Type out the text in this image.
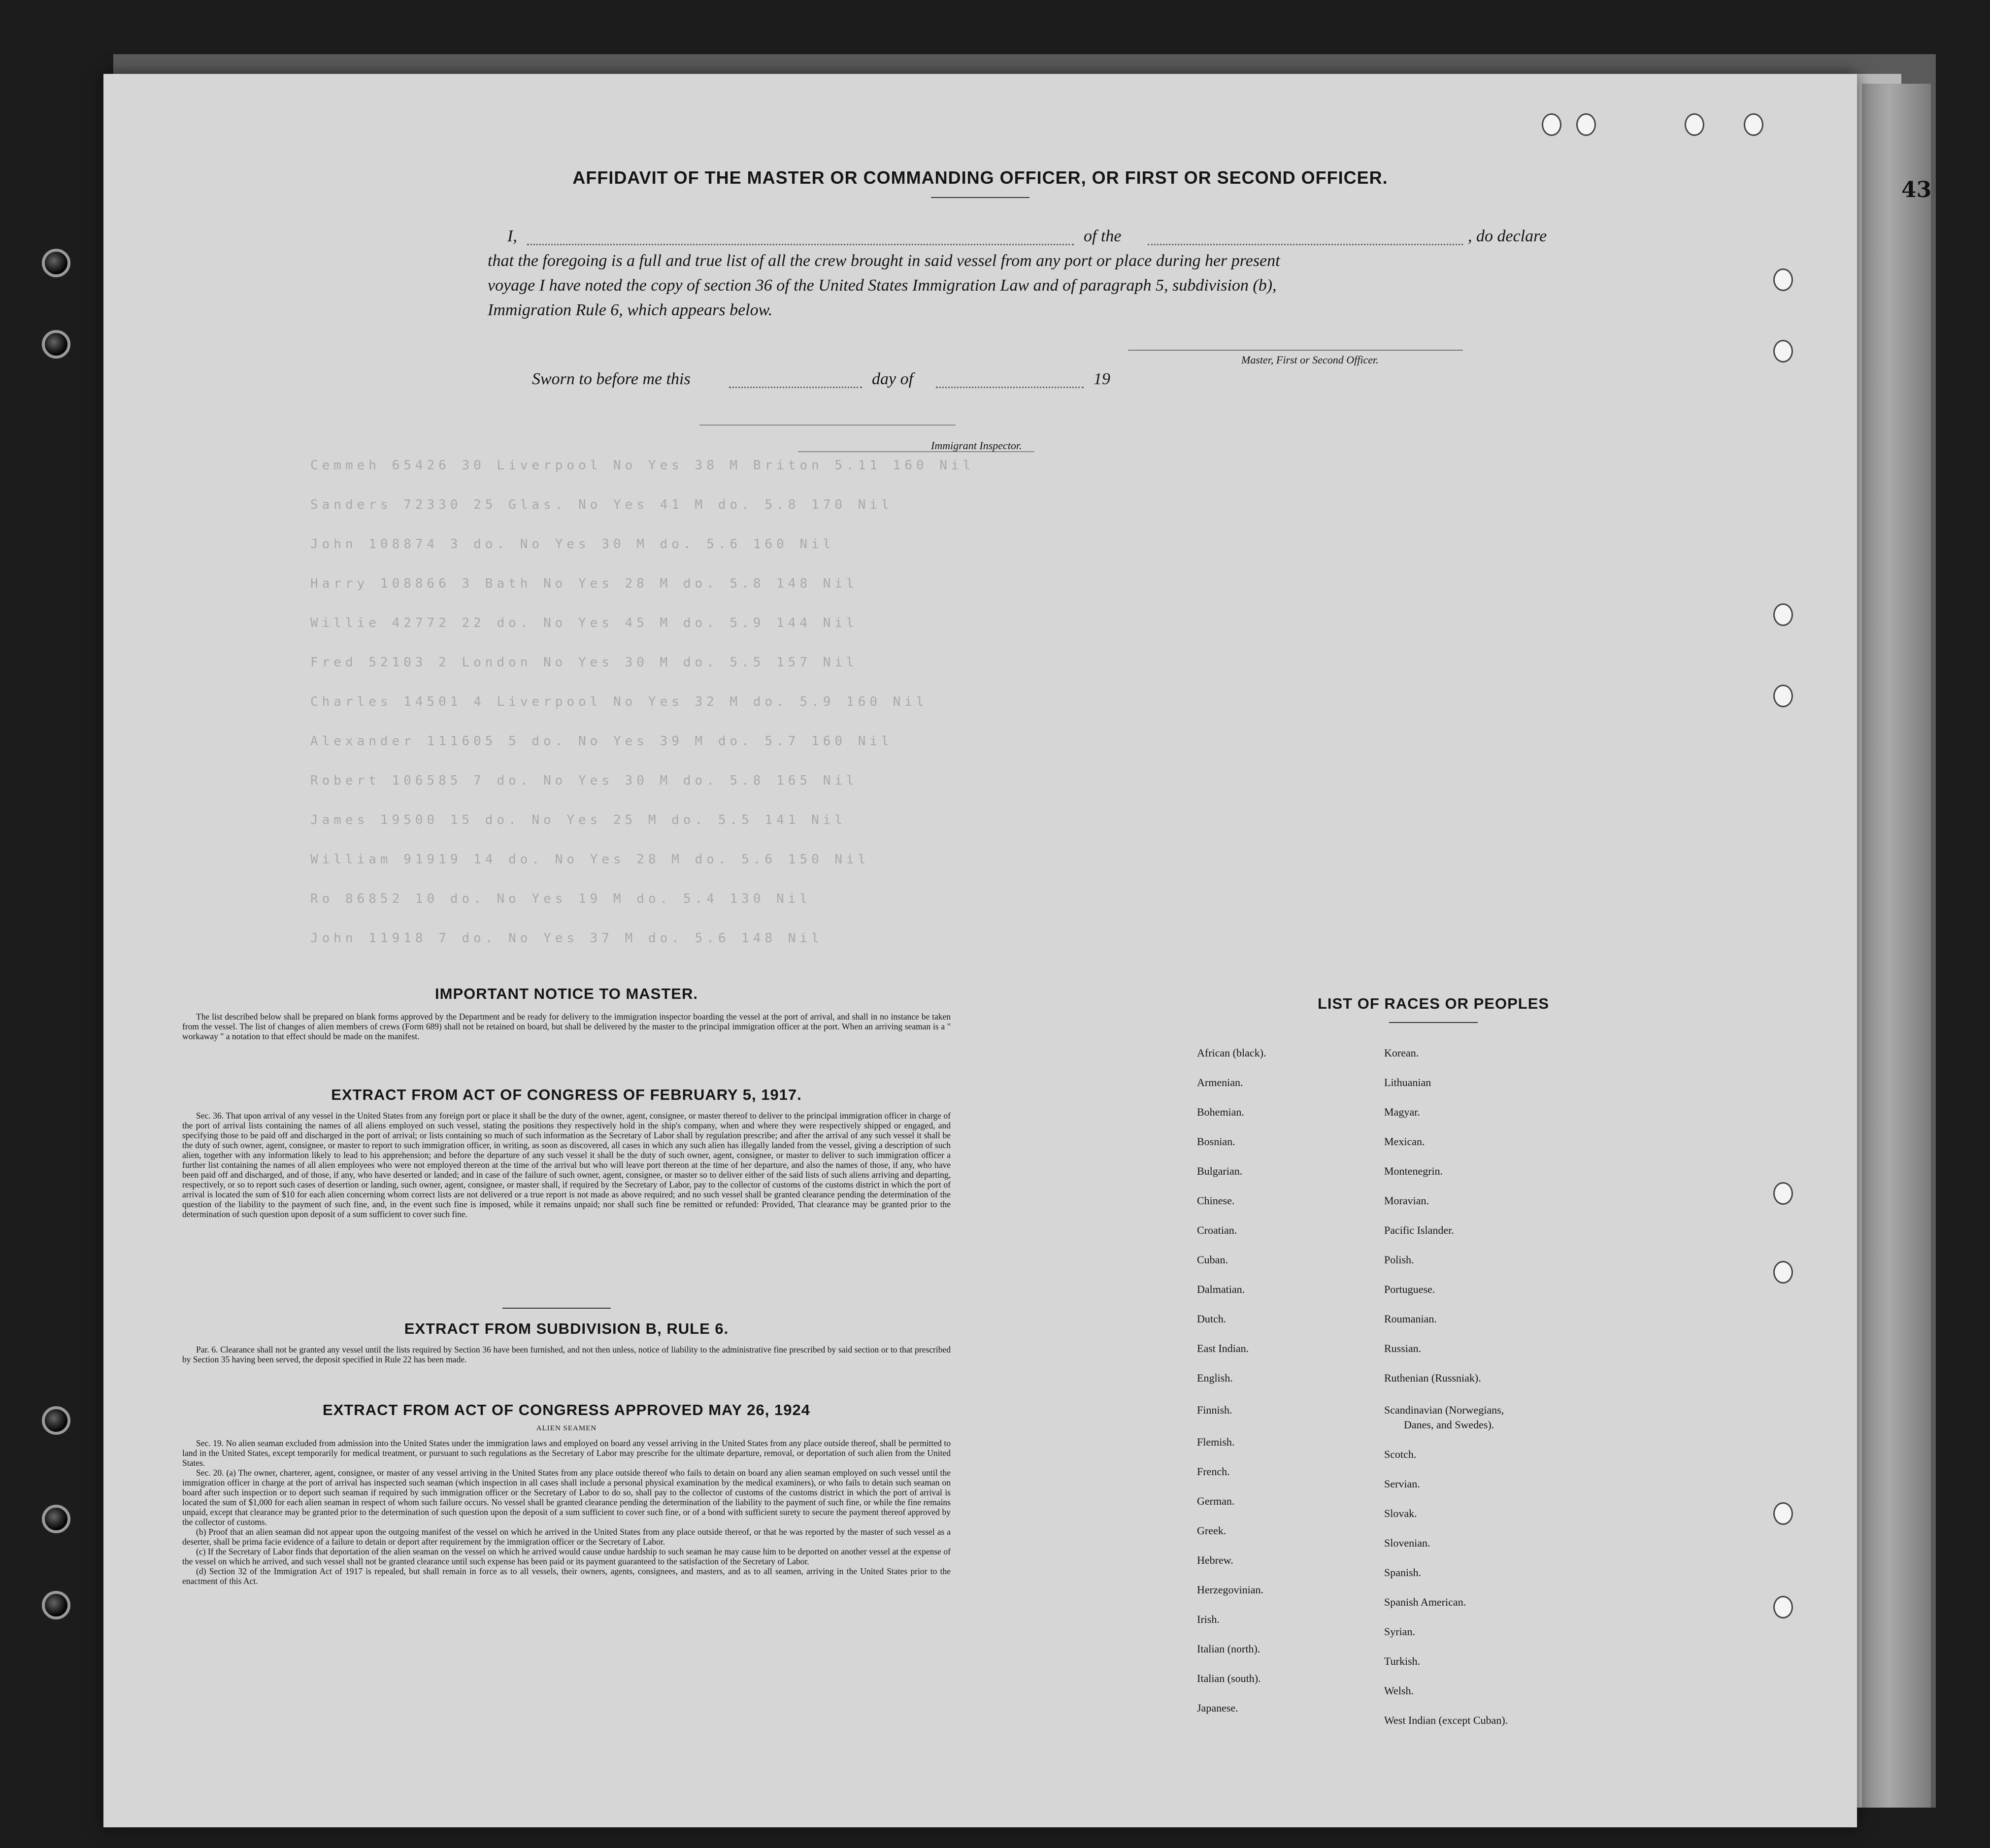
43
Cemmeh 65426 30 Liverpool No Yes 38 M Briton 5.11 160 Nil
Sanders 72330 25 Glas. No Yes 41 M do. 5.8 170 Nil
John 108874 3 do. No Yes 30 M do. 5.6 160 Nil
Harry 108866 3 Bath No Yes 28 M do. 5.8 148 Nil
Willie 42772 22 do. No Yes 45 M do. 5.9 144 Nil
Fred 52103 2 London No Yes 30 M do. 5.5 157 Nil
Charles 14501 4 Liverpool No Yes 32 M do. 5.9 160 Nil
Alexander 111605 5 do. No Yes 39 M do. 5.7 160 Nil
Robert 106585 7 do. No Yes 30 M do. 5.8 165 Nil
James 19500 15 do. No Yes 25 M do. 5.5 141 Nil
William 91919 14 do. No Yes 28 M do. 5.6 150 Nil
Ro 86852 10 do. No Yes 19 M do. 5.4 130 Nil
John 11918 7 do. No Yes 37 M do. 5.6 148 Nil
AFFIDAVIT OF THE MASTER OR COMMANDING OFFICER, OR FIRST OR SECOND OFFICER.
I,	of the	, do declare
that the foregoing is a full and true list of all the crew brought in said vessel from any port or place during her present
voyage I have noted the copy of section 36 of the United States Immigration Law and of paragraph 5, subdivision (b),
Immigration Rule 6, which appears below.
Master, First or Second Officer.
Sworn to before me this	day of	19
Immigrant Inspector.
IMPORTANT NOTICE TO MASTER.
The list described below shall be prepared on blank forms approved by the Department and be ready for delivery to the immigration inspector boarding the vessel at the port of arrival, and shall in no instance be taken from the vessel. The list of changes of alien members of crews (Form 689) shall not be retained on board, but shall be delivered by the master to the principal immigration officer at the port. When an arriving seaman is a " workaway " a notation to that effect should be made on the manifest.
EXTRACT FROM ACT OF CONGRESS OF FEBRUARY 5, 1917.
Sec. 36. That upon arrival of any vessel in the United States from any foreign port or place it shall be the duty of the owner, agent, consignee, or master thereof to deliver to the principal immigration officer in charge of the port of arrival lists containing the names of all aliens employed on such vessel, stating the positions they respectively hold in the ship's company, when and where they were respectively shipped or engaged, and specifying those to be paid off and discharged in the port of arrival; or lists containing so much of such information as the Secretary of Labor shall by regulation prescribe; and after the arrival of any such vessel it shall be the duty of such owner, agent, consignee, or master to report to such immigration officer, in writing, as soon as discovered, all cases in which any such alien has illegally landed from the vessel, giving a description of such alien, together with any information likely to lead to his apprehension; and before the departure of any such vessel it shall be the duty of such owner, agent, consignee, or master to deliver to such immigration officer a further list containing the names of all alien employees who were not employed thereon at the time of the arrival but who will leave port thereon at the time of her departure, and also the names of those, if any, who have been paid off and discharged, and of those, if any, who have deserted or landed; and in case of the failure of such owner, agent, consignee, or master so to deliver either of the said lists of such aliens arriving and departing, respectively, or so to report such cases of desertion or landing, such owner, agent, consignee, or master shall, if required by the Secretary of Labor, pay to the collector of customs of the customs district in which the port of arrival is located the sum of $10 for each alien concerning whom correct lists are not delivered or a true report is not made as above required; and no such vessel shall be granted clearance pending the determination of the question of the liability to the payment of such fine, and, in the event such fine is imposed, while it remains unpaid; nor shall such fine be remitted or refunded: Provided, That clearance may be granted prior to the determination of such question upon deposit of a sum sufficient to cover such fine.
EXTRACT FROM SUBDIVISION B, RULE 6.
Par. 6. Clearance shall not be granted any vessel until the lists required by Section 36 have been furnished, and not then unless, notice of liability to the administrative fine prescribed by said section or to that prescribed by Section 35 having been served, the deposit specified in Rule 22 has been made.
EXTRACT FROM ACT OF CONGRESS APPROVED MAY 26, 1924
ALIEN SEAMEN

Sec. 19. No alien seaman excluded from admission into the United States under the immigration laws and employed on board any vessel arriving in the United States from any place outside thereof, shall be permitted to land in the United States, except temporarily for medical treatment, or pursuant to such regulations as the Secretary of Labor may prescribe for the ultimate departure, removal, or deportation of such alien from the United States.

Sec. 20. (a) The owner, charterer, agent, consignee, or master of any vessel arriving in the United States from any place outside thereof who fails to detain on board any alien seaman employed on such vessel until the immigration officer in charge at the port of arrival has inspected such seaman (which inspection in all cases shall include a personal physical examination by the medical examiners), or who fails to detain such seaman on board after such inspection or to deport such seaman if required by such immigration officer or the Secretary of Labor to do so, shall pay to the collector of customs of the customs district in which the port of arrival is located the sum of $1,000 for each alien seaman in respect of whom such failure occurs. No vessel shall be granted clearance pending the determination of the liability to the payment of such fine, or while the fine remains unpaid, except that clearance may be granted prior to the determination of such question upon the deposit of a sum sufficient to cover such fine, or of a bond with sufficient surety to secure the payment thereof approved by the collector of customs.

(b) Proof that an alien seaman did not appear upon the outgoing manifest of the vessel on which he arrived in the United States from any place outside thereof, or that he was reported by the master of such vessel as a deserter, shall be prima facie evidence of a failure to detain or deport after requirement by the immigration officer or the Secretary of Labor.

(c) If the Secretary of Labor finds that deportation of the alien seaman on the vessel on which he arrived would cause undue hardship to such seaman he may cause him to be deported on another vessel at the expense of the vessel on which he arrived, and such vessel shall not be granted clearance until such expense has been paid or its payment guaranteed to the satisfaction of the Secretary of Labor.

(d) Section 32 of the Immigration Act of 1917 is repealed, but shall remain in force as to all vessels, their owners, agents, consignees, and masters, and as to all seamen, arriving in the United States prior to the enactment of this Act.

LIST OF RACES OR PEOPLES
African (black).
Armenian.
Bohemian.
Bosnian.
Bulgarian.
Chinese.
Croatian.
Cuban.
Dalmatian.
Dutch.
East Indian.
English.
Finnish.
Flemish.
French.
German.
Greek.
Hebrew.
Herzegovinian.
Irish.
Italian (north).
Italian (south).
Japanese.
Korean.
Lithuanian
Magyar.
Mexican.
Montenegrin.
Moravian.
Pacific Islander.
Polish.
Portuguese.
Roumanian.
Russian.
Ruthenian (Russniak).
Scandinavian (Norwegians,
Danes, and Swedes).
Scotch.
Servian.
Slovak.
Slovenian.
Spanish.
Spanish American.
Syrian.
Turkish.
Welsh.
West Indian (except Cuban).
